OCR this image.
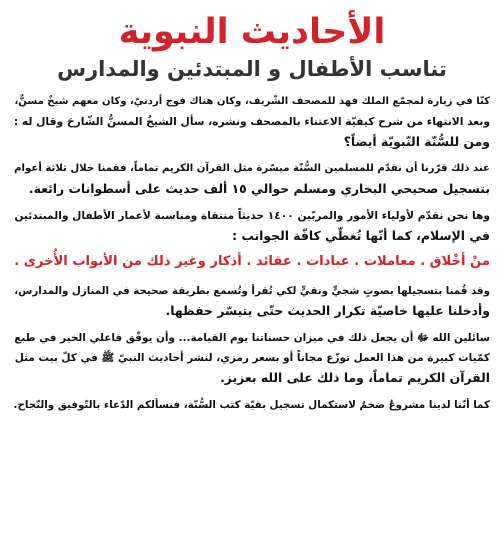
الأحاديث النبوية
تناسب الأطفال و المبتدئين والمدارس
كنّا في زيارة لمجمّع الملك فهد للمصحف الشّريف، وكان هناك فوج أردنيّ، وكان معهم شيخٌ مسنٌّ،
وبعد الانتهاء من شرح كيفيّة الاعتناء بالمصحف ونشره، سأل الشيخُ المسنُّ الشّارحَ وقال له :
ومن للسُّنّة النّبويّة أيضاً؟
عند ذلك قرّرنا أن نقدّم للمسلمين السُّنّة ميسّرة مثل القرآن الكريم تماماً، فقمنا خلال ثلاثة أعوام
بتسجيل صحيحي البخاري ومسلم حوالي ١٥ ألف حديث على أسطوانات رائعة.
وها نحن نقدّم لأولياء الأمور والمربّين ١٤٠٠ حديثاً منتقاة ومناسبة لأعمار الأطفال والمبتدئين
في الإسلام، كما أنّها تُغطّي كافّة الجوانب :
منْ أخْلاق . معاملات . عبادات . عقائد . أذكار وغير ذلك من الأبواب الأُخرى .
وقد قُمنا بتسجيلها بصوتٍ شجيٍّ ونقيٍّ لكي تُقرأ وتُسمع بطريقة صحيحة في المنازل والمدارس،
وأدخلنا عليها خاصيّة تكرار الحديث حتّى يتيسّر حفظها.
سائلين الله ﷻ أن يجعل ذلك في ميزان حسناتنا يوم القيامة... وأن يوفّق فاعلي الخير في طبع
كمّيات كبيرة من هذا العمل توزّع مجاناً أو بسعر رمزي، لنشر أحاديث النبيّ ﷺ في كلّ بيت مثل
القرآن الكريم تماماً، وما ذلك على الله بعزيز.
كما أنّنا لدينا مشروعٌ ضخمٌ لاستكمال تسجيل بقيّة كتب السُّنّة، فنسألكم الدّعاء بالتّوفيق والنّجاح.
